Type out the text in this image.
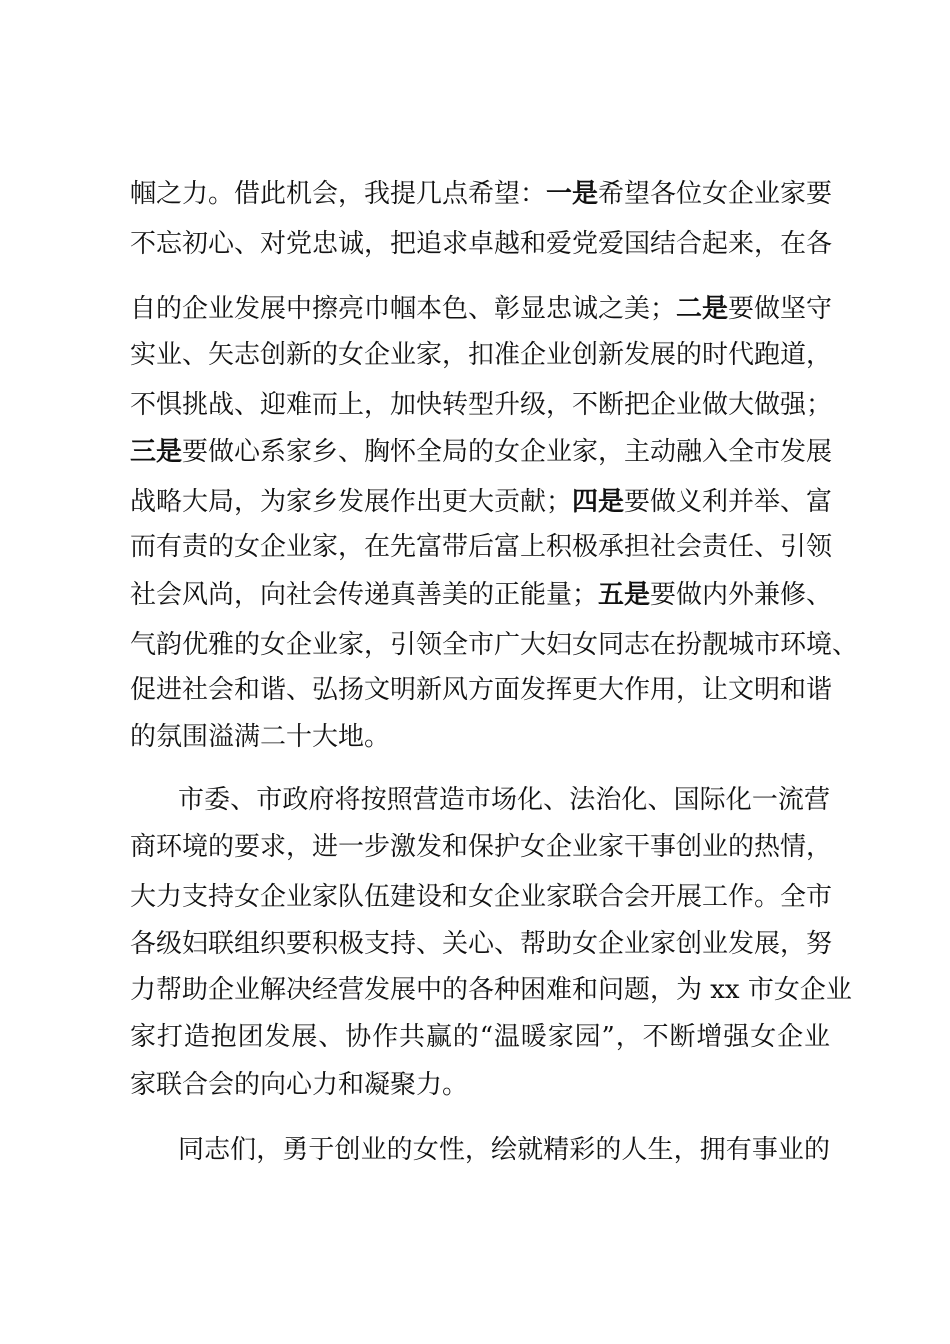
帼之力。借此机会，我提几点希望：一是希望各位女企业家要
不忘初心、对党忠诚，把追求卓越和爱党爱国结合起来，在各
自的企业发展中擦亮巾帼本色、彰显忠诚之美；二是要做坚守
实业、矢志创新的女企业家，扣准企业创新发展的时代跑道，
不惧挑战、迎难而上，加快转型升级，不断把企业做大做强；
三是要做心系家乡、胸怀全局的女企业家，主动融入全市发展
战略大局，为家乡发展作出更大贡献；四是要做义利并举、富
而有责的女企业家，在先富带后富上积极承担社会责任、引领
社会风尚，向社会传递真善美的正能量；五是要做内外兼修、
气韵优雅的女企业家，引领全市广大妇女同志在扮靓城市环境、
促进社会和谐、弘扬文明新风方面发挥更大作用，让文明和谐
的氛围溢满二十大地。
市委、市政府将按照营造市场化、法治化、国际化一流营
商环境的要求，进一步激发和保护女企业家干事创业的热情，
大力支持女企业家队伍建设和女企业家联合会开展工作。全市
各级妇联组织要积极支持、关心、帮助女企业家创业发展，努
力帮助企业解决经营发展中的各种困难和问题，为 xx 市女企业
家打造抱团发展、协作共赢的“温暖家园”，不断增强女企业
家联合会的向心力和凝聚力。
同志们，勇于创业的女性，绘就精彩的人生，拥有事业的
